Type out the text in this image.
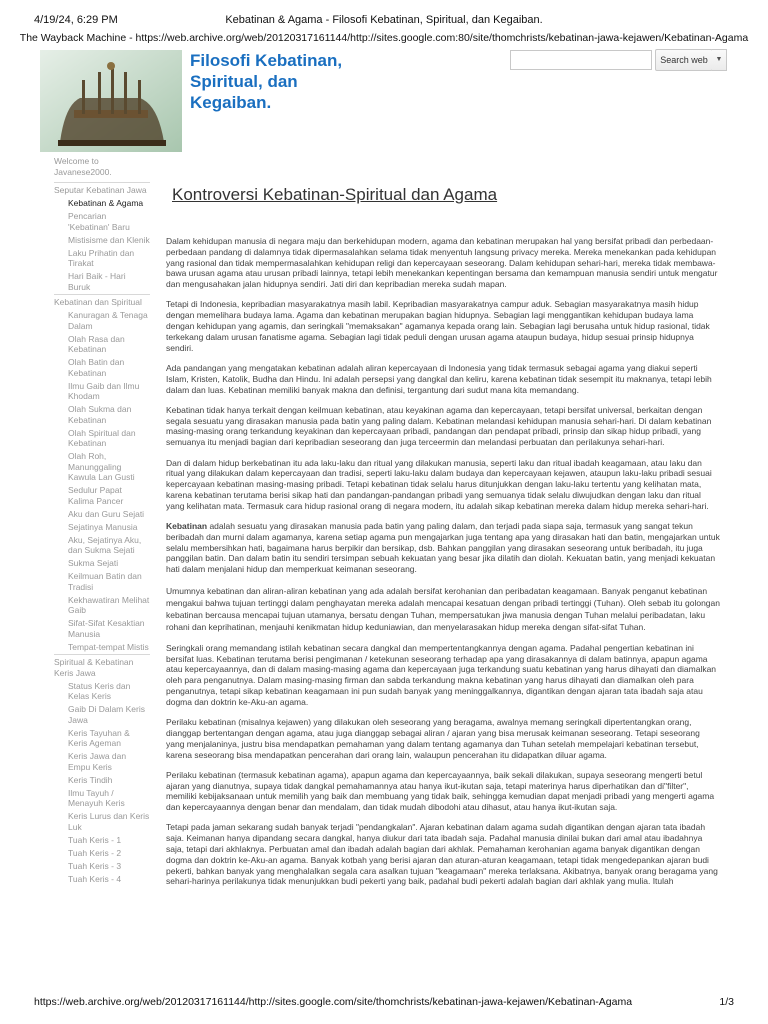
4/19/24, 6:29 PM	Kebatinan & Agama - Filosofi Kebatinan, Spiritual, dan Kegaiban.
The Wayback Machine - https://web.archive.org/web/20120317161144/http://sites.google.com:80/site/thomchrists/kebatinan-jawa-kejawen/Kebatinan-Agama
Filosofi Kebatinan,
Spiritual, dan
Kegaiban.
Search web	▼
Welcome to Javanese2000.
Seputar Kebatinan Jawa
Kebatinan & Agama
Pencarian 'Kebatinan' Baru
Mistisisme dan Klenik
Laku Prihatin dan Tirakat
Hari Baik - Hari Buruk
Kebatinan dan Spiritual
Kanuragan & Tenaga Dalam
Olah Rasa dan Kebatinan
Olah Batin dan Kebatinan
Ilmu Gaib dan Ilmu Khodam
Olah Sukma dan Kebatinan
Olah Spiritual dan Kebatinan
Olah Roh, Manunggaling Kawula Lan Gusti
Sedulur Papat Kalima Pancer
Aku dan Guru Sejati
Sejatinya Manusia
Aku, Sejatinya Aku, dan Sukma Sejati
Sukma Sejati
Keilmuan Batin dan Tradisi
Kekhawatiran Melihat Gaib
Sifat-Sifat Kesaktian Manusia
Tempat-tempat Mistis
Spiritual & Kebatinan Keris Jawa
Status Keris dan Kelas Keris
Gaib Di Dalam Keris Jawa
Keris Tayuhan & Keris Ageman
Keris Jawa dan Empu Keris
Keris Tindih
Ilmu Tayuh / Menayuh Keris
Keris Lurus dan Keris Luk
Tuah Keris - 1
Tuah Keris - 2
Tuah Keris - 3
Tuah Keris - 4
Kontroversi Kebatinan-Spiritual dan Agama

Dalam kehidupan manusia di negara maju dan berkehidupan modern, agama dan kebatinan merupakan hal yang bersifat pribadi dan perbedaan-perbedaan pandang di dalamnya tidak dipermasalahkan selama tidak menyentuh langsung privacy mereka. Mereka menekankan pada kehidupan yang rasional dan tidak mempermasalahkan kehidupan religi dan kepercayaan seseorang. Dalam kehidupan sehari-hari, mereka tidak membawa-bawa urusan agama atau urusan pribadi lainnya, tetapi lebih menekankan kepentingan bersama dan kemampuan manusia sendiri untuk mengatur dan mengusahakan jalan hidupnya sendiri. Jati diri dan kepribadian mereka sudah mapan.

Tetapi di Indonesia, kepribadian masyarakatnya masih labil. Kepribadian masyarakatnya campur aduk. Sebagian masyarakatnya masih hidup dengan memelihara budaya lama. Agama dan kebatinan merupakan bagian hidupnya. Sebagian lagi menggantikan kehidupan budaya lama dengan kehidupan yang agamis, dan seringkali "memaksakan" agamanya kepada orang lain. Sebagian lagi berusaha untuk hidup rasional, tidak terkekang dalam urusan fanatisme agama. Sebagian lagi tidak peduli dengan urusan agama ataupun budaya, hidup sesuai prinsip hidupnya sendiri.

Ada pandangan yang mengatakan kebatinan adalah aliran kepercayaan di Indonesia yang tidak termasuk sebagai agama yang diakui seperti Islam, Kristen, Katolik, Budha dan Hindu. Ini adalah persepsi yang dangkal dan keliru, karena kebatinan tidak sesempit itu maknanya, tetapi lebih dalam dan luas. Kebatinan memiliki banyak makna dan definisi, tergantung dari sudut mana kita memandang.

Kebatinan tidak hanya terkait dengan keilmuan kebatinan, atau keyakinan agama dan kepercayaan, tetapi bersifat universal, berkaitan dengan segala sesuatu yang dirasakan manusia pada batin yang paling dalam. Kebatinan melandasi kehidupan manusia sehari-hari. Di dalam kebatinan masing-masing orang terkandung keyakinan dan kepercayaan pribadi, pandangan dan pendapat pribadi, prinsip dan sikap hidup pribadi, yang semuanya itu menjadi bagian dari kepribadian seseorang dan juga terceermin dan melandasi perbuatan dan perilakunya sehari-hari.

Dan di dalam hidup berkebatinan itu ada laku-laku dan ritual yang dilakukan manusia, seperti laku dan ritual ibadah keagamaan, atau laku dan ritual yang dilakukan dalam kepercayaan dan tradisi, seperti laku-laku dalam budaya dan kepercayaan kejawen, ataupun laku-laku pribadi sesuai kepercayaan kebatinan masing-masing pribadi. Tetapi kebatinan tidak selalu harus ditunjukkan dengan laku-laku tertentu yang kelihatan mata, karena kebatinan terutama berisi sikap hati dan pandangan-pandangan pribadi yang semuanya tidak selalu diwujudkan dengan laku dan ritual yang kelihatan mata. Termasuk cara hidup rasional orang di negara modern, itu adalah sikap kebatinan mereka dalam hidup mereka sehari-hari.

Kebatinan adalah sesuatu yang dirasakan manusia pada batin yang paling dalam, dan terjadi pada siapa saja, termasuk yang sangat tekun beribadah dan murni dalam agamanya, karena setiap agama pun mengajarkan juga tentang apa yang dirasakan hati dan batin, mengajarkan untuk selalu membersihkan hati, bagaimana harus berpikir dan bersikap, dsb. Bahkan panggilan yang dirasakan seseorang untuk beribadah, itu juga panggilan batin. Dan dalam batin itu sendiri tersimpan sebuah kekuatan yang besar jika dilatih dan diolah. Kekuatan batin, yang menjadi kekuatan hati dalam menjalani hidup dan memperkuat keimanan seseorang.

Umumnya kebatinan dan aliran-aliran kebatinan yang ada adalah bersifat kerohanian dan peribadatan keagamaan. Banyak penganut kebatinan mengakui bahwa tujuan tertinggi dalam penghayatan mereka adalah mencapai kesatuan dengan pribadi tertinggi (Tuhan). Oleh sebab itu golongan kebatinan bercausa mencapai tujuan utamanya, bersatu dengan Tuhan, mempersatukan jiwa manusia dengan Tuhan melalui peribadatan, laku rohani dan keprihatinan, menjauhi kenikmatan hidup keduniawian, dan menyelarasakan hidup mereka dengan sifat-sifat Tuhan.

Seringkali orang memandang istilah kebatinan secara dangkal dan mempertentangkannya dengan agama. Padahal pengertian kebatinan ini bersifat luas. Kebatinan terutama berisi pengimanan / ketekunan seseorang terhadap apa yang dirasakannya di dalam batinnya, apapun agama atau kepercayaannya, dan di dalam masing-masing agama dan kepercayaan juga terkandung suatu kebatinan yang harus dihayati dan diamalkan oleh para penganutnya. Dalam masing-masing firman dan sabda terkandung makna kebatinan yang harus dihayati dan diamalkan oleh para penganutnya, tetapi sikap kebatinan keagamaan ini pun sudah banyak yang meninggalkannya, digantikan dengan ajaran tata ibadah saja atau dogma dan doktrin ke-Aku-an agama.

Perilaku kebatinan (misalnya kejawen) yang dilakukan oleh seseorang yang beragama, awalnya memang seringkali dipertentangkan orang, dianggap bertentangan dengan agama, atau juga dianggap sebagai aliran / ajaran yang bisa merusak keimanan seseorang. Tetapi seseorang yang menjalaninya, justru bisa mendapatkan pemahaman yang dalam tentang agamanya dan Tuhan setelah mempelajari kebatinan tersebut, karena seseorang bisa mendapatkan pencerahan dari orang lain, walaupun pencerahan itu didapatkan diluar agama.

Perilaku kebatinan (termasuk kebatinan agama), apapun agama dan kepercayaannya, baik sekali dilakukan, supaya seseorang mengerti betul ajaran yang dianutnya, supaya tidak dangkal pemahamannya atau hanya ikut-ikutan saja, tetapi materinya harus diperhatikan dan di"filter", memiliki kebijaksanaan untuk memilih yang baik dan membuang yang tidak baik, sehingga kemudian dapat menjadi pribadi yang mengerti agama dan kepercayaannya dengan benar dan mendalam, dan tidak mudah dibodohi atau dihasut, atau hanya ikut-ikutan saja.

Tetapi pada jaman sekarang sudah banyak terjadi "pendangkalan". Ajaran kebatinan dalam agama sudah digantikan dengan ajaran tata ibadah saja. Keimanan hanya dipandang secara dangkal, hanya diukur dari tata ibadah saja. Padahal manusia dinilai bukan dari amal atau ibadahnya saja, tetapi dari akhlaknya. Perbuatan amal dan ibadah adalah bagian dari akhlak. Pemahaman kerohanian agama banyak digantikan dengan dogma dan doktrin ke-Aku-an agama. Banyak kotbah yang berisi ajaran dan aturan-aturan keagamaan, tetapi tidak mengedepankan ajaran budi pekerti, bahkan banyak yang menghalalkan segala cara asalkan tujuan "keagamaan" mereka terlaksana. Akibatnya, banyak orang beragama yang sehari-harinya perilakunya tidak menunjukkan budi pekerti yang baik, padahal budi pekerti adalah bagian dari akhlak yang mulia. Itulah

https://web.archive.org/web/20120317161144/http://sites.google.com/site/thomchrists/kebatinan-jawa-kejawen/Kebatinan-Agama	1/3
